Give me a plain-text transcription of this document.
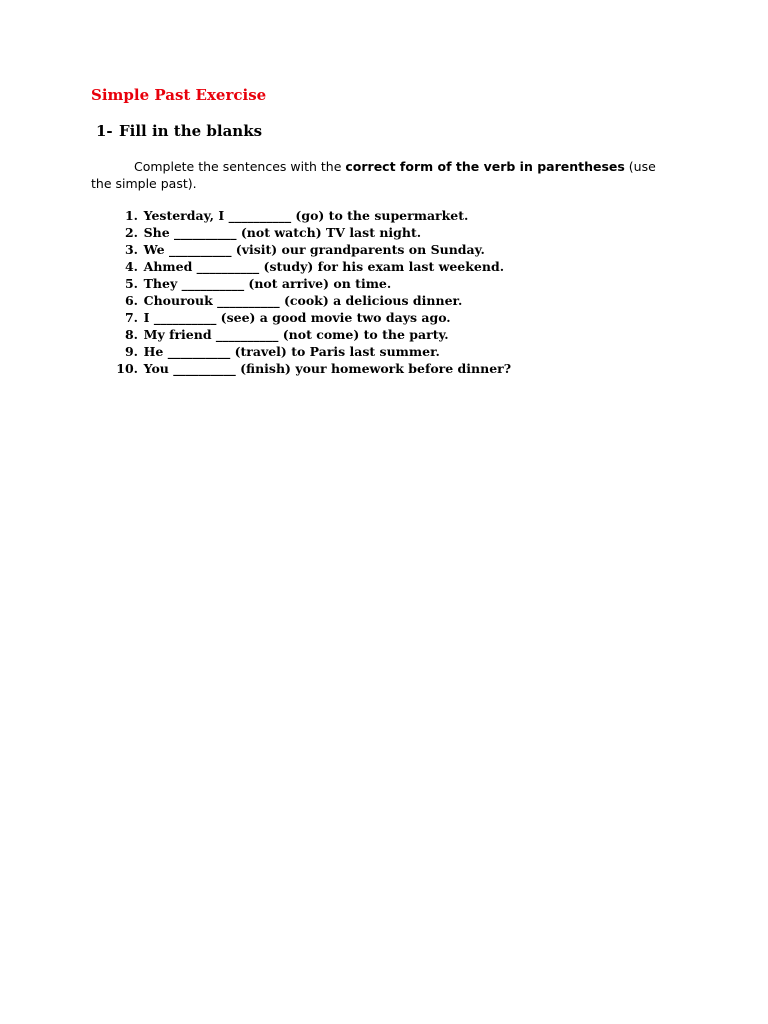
Simple Past Exercise
1- Fill in the blanks
Complete the sentences with the correct form of the verb in parentheses (use the simple past).
1. Yesterday, I __________ (go) to the supermarket.
2. She __________ (not watch) TV last night.
3. We __________ (visit) our grandparents on Sunday.
4. Ahmed __________ (study) for his exam last weekend.
5. They __________ (not arrive) on time.
6. Chourouk __________ (cook) a delicious dinner.
7. I __________ (see) a good movie two days ago.
8. My friend __________ (not come) to the party.
9. He __________ (travel) to Paris last summer.
10. You __________ (finish) your homework before dinner?
